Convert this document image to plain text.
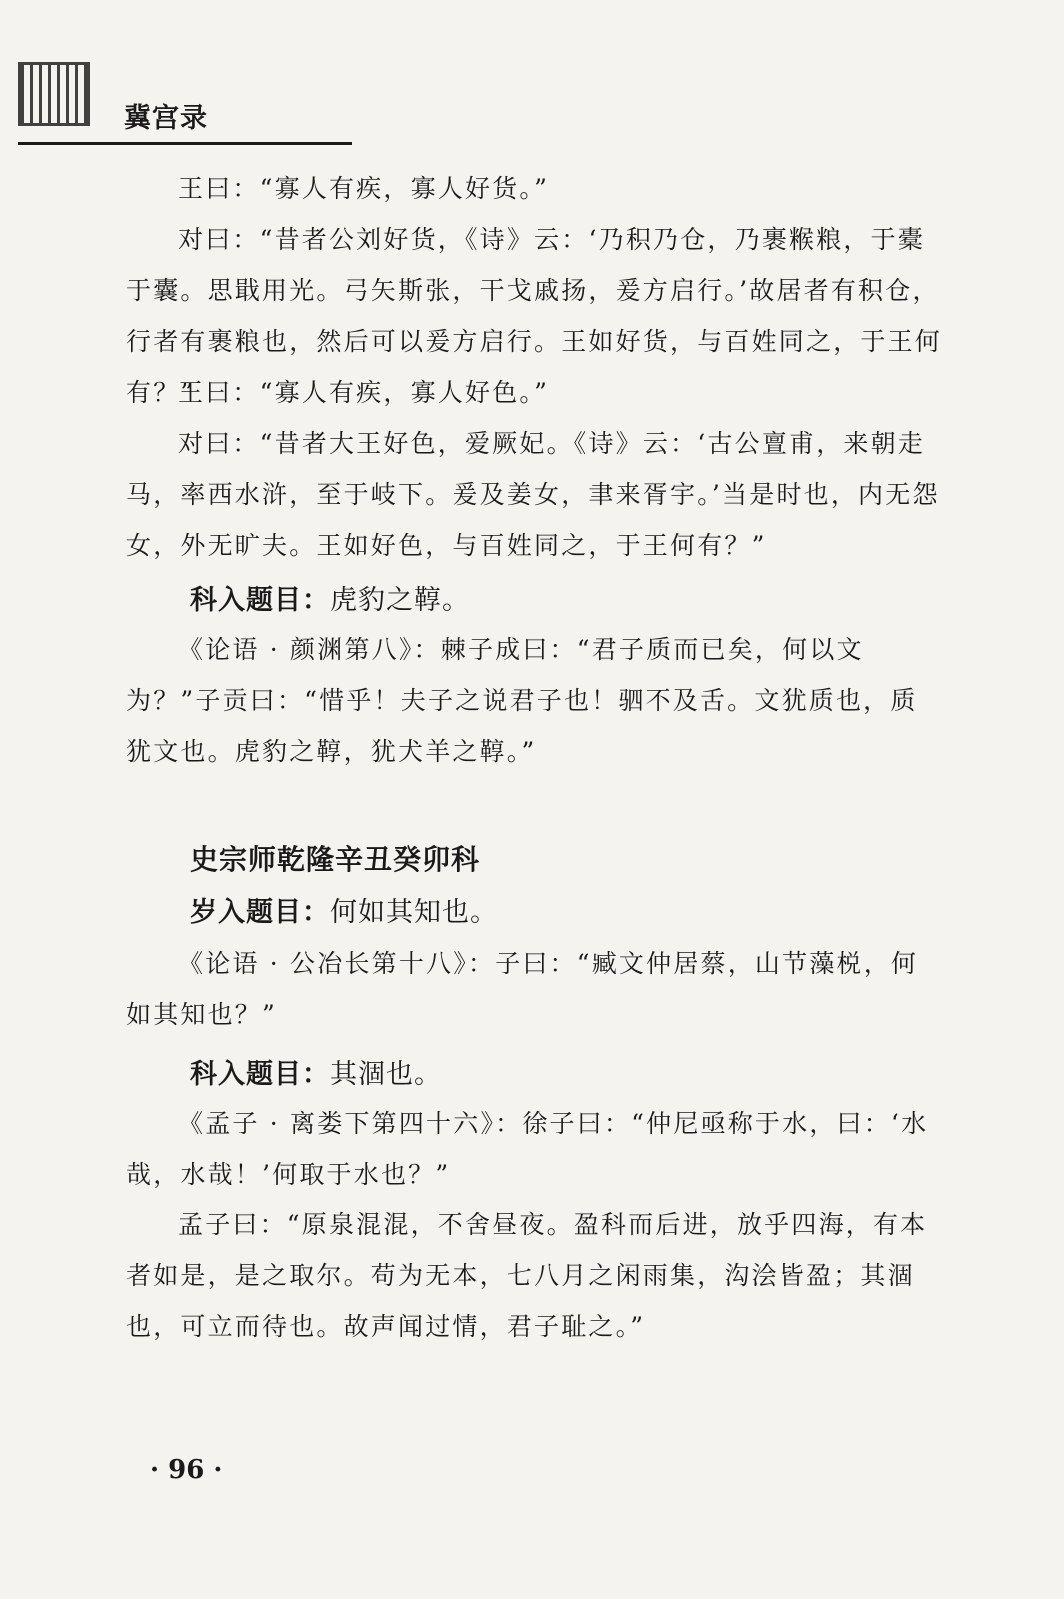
冀宫录

王曰：“寡人有疾，寡人好货。”

对曰：“昔者公刘好货，《诗》云：‘乃积乃仓，乃裹糇粮，于橐于囊。思戢用光。弓矢斯张，干戈戚扬，爰方启行。’故居者有积仓，行者有裹粮也，然后可以爰方启行。王如好货，与百姓同之，于王何有？”

王曰：“寡人有疾，寡人好色。”

对曰：“昔者大王好色，爱厥妃。《诗》云：‘古公亶甫，来朝走马，率西水浒，至于岐下。爰及姜女，聿来胥宇。’当是时也，内无怨女，外无旷夫。王如好色，与百姓同之，于王何有？”

科入题目：虎豹之鞟。

《论语 · 颜渊第八》：棘子成曰：“君子质而已矣，何以文为？”子贡曰：“惜乎！夫子之说君子也！驷不及舌。文犹质也，质犹文也。虎豹之鞟，犹犬羊之鞟。”

史宗师乾隆辛丑癸卯科
岁入题目：何如其知也。

《论语 · 公冶长第十八》：子曰：“臧文仲居蔡，山节藻棁，何如其知也？”

科入题目：其涸也。

《孟子 · 离娄下第四十六》：徐子曰：“仲尼亟称于水，曰：‘水哉，水哉！’何取于水也？”

孟子曰：“原泉混混，不舍昼夜。盈科而后进，放乎四海，有本者如是，是之取尔。苟为无本，七八月之闲雨集，沟浍皆盈；其涸也，可立而待也。故声闻过情，君子耻之。”

· 96 ·
